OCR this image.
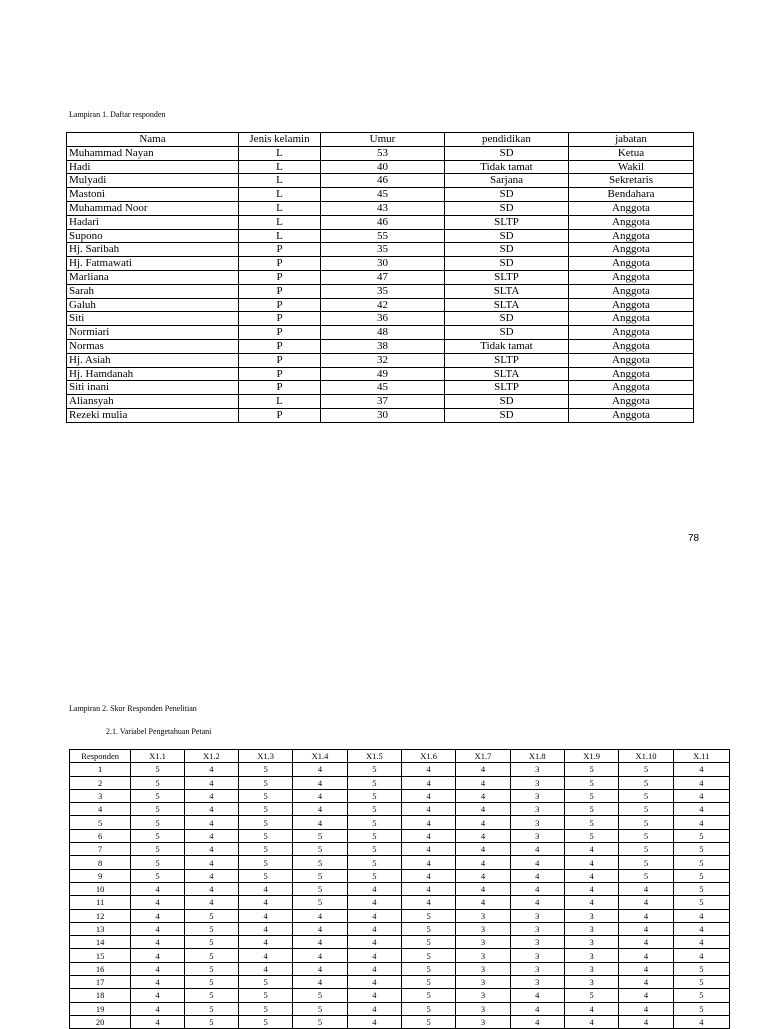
Lampiran 1. Daftar responden
Nama	Jenis kelamin	Umur	pendidikan	jabatan
Muhammad Nayan	L	53	SD	Ketua
Hadi	L	40	Tidak tamat	Wakil
Mulyadi	L	46	Sarjana	Sekretaris
Mastoni	L	45	SD	Bendahara
Muhammad Noor	L	43	SD	Anggota
Hadari	L	46	SLTP	Anggota
Supono	L	55	SD	Anggota
Hj. Saribah	P	35	SD	Anggota
Hj. Fatmawati	P	30	SD	Anggota
Marliana	P	47	SLTP	Anggota
Sarah	P	35	SLTA	Anggota
Galuh	P	42	SLTA	Anggota
Siti	P	36	SD	Anggota
Normiari	P	48	SD	Anggota
Normas	P	38	Tidak tamat	Anggota
Hj. Asiah	P	32	SLTP	Anggota
Hj. Hamdanah	P	49	SLTA	Anggota
Siti inani	P	45	SLTP	Anggota
Aliansyah	L	37	SD	Anggota
Rezeki mulia	P	30	SD	Anggota
78
Lampiran 2. Skor Responden Penelitian
2.1. Variabel Pengetahuan Petani
Responden	X1.1	X1.2	X1.3	X1.4	X1.5	X1.6	X1.7	X1.8	X1.9	X1.10	X.11
1	5	4	5	4	5	4	4	3	5	5	4
2	5	4	5	4	5	4	4	3	5	5	4
3	5	4	5	4	5	4	4	3	5	5	4
4	5	4	5	4	5	4	4	3	5	5	4
5	5	4	5	4	5	4	4	3	5	5	4
6	5	4	5	5	5	4	4	3	5	5	5
7	5	4	5	5	5	4	4	4	4	5	5
8	5	4	5	5	5	4	4	4	4	5	5
9	5	4	5	5	5	4	4	4	4	5	5
10	4	4	4	5	4	4	4	4	4	4	5
11	4	4	4	5	4	4	4	4	4	4	5
12	4	5	4	4	4	5	3	3	3	4	4
13	4	5	4	4	4	5	3	3	3	4	4
14	4	5	4	4	4	5	3	3	3	4	4
15	4	5	4	4	4	5	3	3	3	4	4
16	4	5	4	4	4	5	3	3	3	4	5
17	4	5	5	4	4	5	3	3	3	4	5
18	4	5	5	5	4	5	3	4	5	4	5
19	4	5	5	5	4	5	3	4	4	4	5
20	4	5	5	5	4	5	3	4	4	4	4
